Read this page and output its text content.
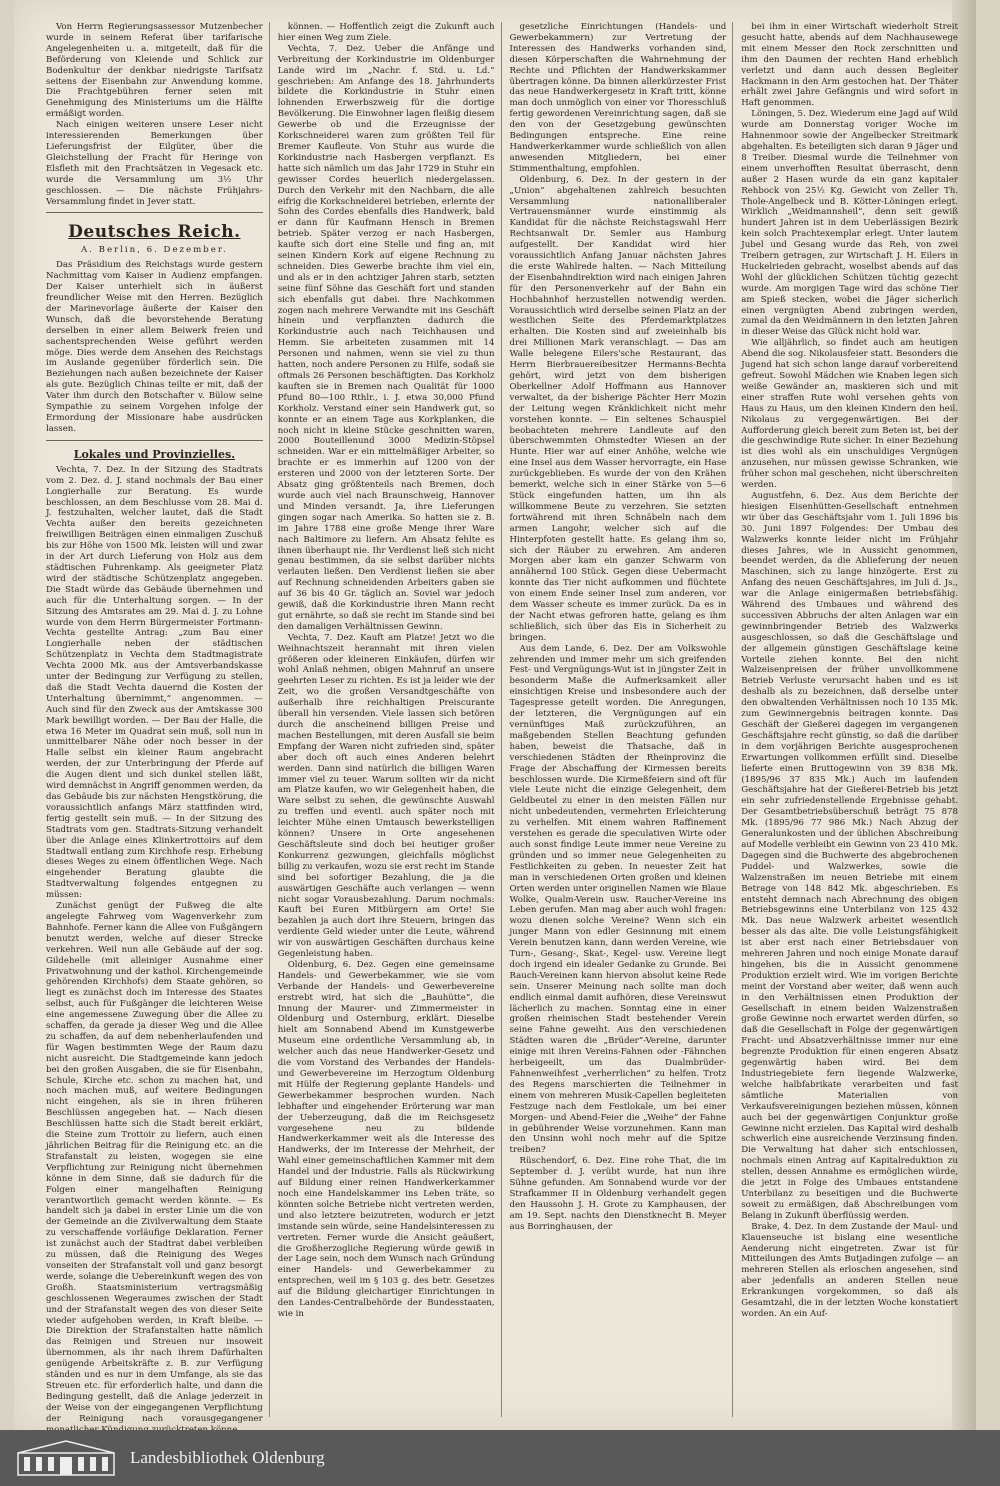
Von Herrn Regierungsassessor Mutzenbecher wurde in seinem Referat über tarifarische Angelegenheiten u. a. mitgeteilt, daß für die Beförderung von Kleiende und Schlick zur Bodenkultur der denkbar niedrigste Tarifsatz seitens der Eisenbahn zur Anwendung komme. Die Frachtgebühren ferner seien mit Genehmigung des Ministeriums um die Hälfte ermäßigt worden.

Nach einigen weiteren unsere Leser nicht interessierenden Bemerkungen über Lieferungsfrist der Eilgüter, über die Gleichstellung der Fracht für Heringe von Elsfleth mit den Frachtsätzen in Vegesack etc. wurde die Versammlung um 3½ Uhr geschlossen. — Die nächste Frühjahrs-Versammlung findet in Jever statt.

Deutsches Reich.
A. Berlin, 6. Dezember.

Das Präsidium des Reichstags wurde gestern Nachmittag vom Kaiser in Audienz empfangen. Der Kaiser unterhielt sich in äußerst freundlicher Weise mit den Herren. Bezüglich der Marinevorlage äußerte der Kaiser den Wunsch, daß die bevorstehende Beratung derselben in einer allem Beiwerk freien und sachentsprechenden Weise geführt werden möge. Dies werde dem Ansehen des Reichstags im Auslande gegenüber förderlich sein. Die Beziehungen nach außen bezeichnete der Kaiser als gute. Bezüglich Chinas teilte er mit, daß der Vater ihm durch den Botschafter v. Bülow seine Sympathie zu seinem Vorgehen infolge der Ermordung der Missionare habe ausdrücken lassen.

Lokales und Provinzielles.

Vechta, 7. Dez. In der Sitzung des Stadtrats vom 2. Dez. d. J. stand nochmals der Bau einer Longierhalle zur Beratung. Es wurde beschlossen, an dem Beschlusse vom 28. Mai d. J. festzuhalten, welcher lautet, daß die Stadt Vechta außer den bereits gezeichneten freiwilligen Beiträgen einen einmaligen Zuschuß bis zur Höhe von 1500 Mk. leisten will und zwar in der Art durch Lieferung von Holz aus dem städtischen Fuhrenkamp. Als geeigneter Platz wird der städtische Schützenplatz angegeben. Die Stadt würde das Gebäude übernehmen und auch für die Unterhaltung sorgen. — In der Sitzung des Amtsrates am 29. Mai d. J. zu Lohne wurde von dem Herrn Bürgermeister Fortmann-Vechta gestellte Antrag: „zum Bau einer Longierhalle neben der städtischen Schützenplatz in Vechta dem Stadtmagistrate Vechta 2000 Mk. aus der Amtsverbandskasse unter der Bedingung zur Verfügung zu stellen, daß die Stadt Vechta dauernd die Kosten der Unterhaltung übernimmt,“ angenommen. — Auch sind für den Zweck aus der Amtskasse 300 Mark bewilligt worden. — Der Bau der Halle, die etwa 16 Meter im Quadrat sein muß, soll nun in unmittelbarer Nähe oder noch besser in der Halle selbst ein kleiner Raum angebracht werden, der zur Unterbringung der Pferde auf die Augen dient und sich dunkel stellen läßt, wird demnächst in Angriff genommen werden, da das Gebäude bis zur nächsten Hengstkörung, die voraussichtlich anfangs März stattfinden wird, fertig gestellt sein muß. — In der Sitzung des Stadtrats vom gen. Stadtrats-Sitzung verhandelt über die Anlage eines Klinkertrottoirs auf dem Stadtwall entlang zum Kirchhofe resp. Erhebung dieses Weges zu einem öffentlichen Wege. Nach eingehender Beratung glaubte die Stadtverwaltung folgendes entgegnen zu müssen:

Zunächst genügt der Fußweg die alte angelegte Fahrweg vom Wagenverkehr zum Bahnhofe. Ferner kann die Allee von Fußgängern benutzt werden, welche auf dieser Strecke verkehren. Weil nun alle Gebäude auf der sog. Gildehelle (mit alleiniger Ausnahme einer Privatwohnung und der kathol. Kirchengemeinde gehörenden Kirchhofs) dem Staate gehören, so liegt es zunächst doch im Interesse des Staates selbst, auch für Fußgänger die leichteren Weise eine angemessene Zuwegung über die Allee zu schaffen, da gerade ja dieser Weg und die Allee zu schaffen, da auf dem nebenherlaufenden und für Wagen bestimmten Wege der Raum dazu nicht ausreicht. Die Stadtgemeinde kann jedoch bei den großen Ausgaben, die sie für Eisenbahn, Schule, Kirche etc. schon zu machen hat, und noch machen muß, auf weitere Bedingungen nicht eingehen, als sie in ihren früheren Beschlüssen angegeben hat. — Nach diesen Beschlüssen hatte sich die Stadt bereit erklärt, die Steine zum Trottoir zu liefern, auch einen jährlichen Beitrag für die Reinigung etc. an die Strafanstalt zu leisten, wogegen sie eine Verpflichtung zur Reinigung nicht übernehmen könne in dem Sinne, daß sie dadurch für die Folgen einer mangelhaften Reinigung verantwortlich gemacht werden könnte. — Es handelt sich ja dabei in erster Linie um die von der Gemeinde an die Zivilverwaltung dem Staate zu verschaffende vorläufige Deklaration. Ferner ist zunächst auch der Stadtrat dabei verbleiben zu müssen, daß die Reinigung des Weges vonseiten der Strafanstalt voll und ganz besorgt werde, solange die Uebereinkunft wegen des von Großh. Staatsministerium vertragsmäßig geschlossenen Wegeraumes zwischen der Stadt und der Strafanstalt wegen des von dieser Seite wieder aufgehoben werden, in Kraft bleibe. — Die Direktion der Strafanstalten hatte nämlich das Reinigen und Streuen nur insoweit übernommen, als ihr nach ihrem Dafürhalten genügende Arbeitskräfte z. B. zur Verfügung ständen und es nur in dem Umfange, als sie das Streuen etc. für erforderlich halte, und dann die Bedingung gestellt, daß die Anlage jederzeit in der Weise von der eingegangenen Verpflichtung der Reinigung nach vorausgegangener

können. — Hoffentlich zeigt die Zukunft auch hier einen Weg zum Ziele.

Vechta, 7. Dez. Ueber die Anfänge und Verbreitung der Korkindustrie im Oldenburger Lande wird im „Nachr. f. Std. u. Ld.“ geschrieben: Am Anfange des 18. Jahrhunderts bildete die Korkindustrie in Stuhr einen lohnenden Erwerbszweig für die dortige Bevölkerung. Die Einwohner lagen fleißig diesem Gewerbe ob und die Erzeugnisse der Korkschneiderei waren zum größten Teil für Bremer Kaufleute. Von Stuhr aus wurde die Korkindustrie nach Hasbergen verpflanzt. Es hatte sich nämlich um das Jahr 1729 in Stuhr ein gewisser Cordes heuerlich niedergelassen. Durch den Verkehr mit den Nachbarn, die alle eifrig die Korkschneiderei betrieben, erlernte der Sohn des Cordes ebenfalls dies Handwerk, bald er dann für Kaufmann Hensch in Bremen betrieb. Später verzog er nach Hasbergen, kaufte sich dort eine Stelle und fing an, mit seinen Kindern Kork auf eigene Rechnung zu schneiden. Dies Gewerbe brachte ihm viel ein, und als er in den achtziger Jahren starb, setzten seine fünf Söhne das Geschäft fort und standen sich ebenfalls gut dabei. Ihre Nachkommen zogen nach mehrere Verwandte mit ins Geschäft hinein und verpflanzten dadurch die Korkindustrie auch nach Teichhausen und Hemm. Sie arbeiteten zusammen mit 14 Personen und nahmen, wenn sie viel zu thun hatten, noch andere Personen zu Hilfe, sodaß sie oftmals 26 Personen beschäftigten. Das Korkholz kauften sie in Bremen nach Qualität für 1000 Pfund 80—100 Rthlr., i. J. etwa 30,000 Pfund Korkholz. Verstand einer sein Handwerk gut, so konnte er an einem Tage aus Korkplanken, die noch nicht in kleine Stücke geschnitten waren, 2000 Bouteillenund 3000 Medizin-Stöpsel schneiden. War er ein mittelmäßiger Arbeiter, so brachte er es immerhin auf 1200 von der ersteren und 2000 von der letzteren Sorte. Der Absatz ging größtenteils nach Bremen, doch wurde auch viel nach Braunschweig, Hannover und Minden versandt. Ja, ihre Lieferungen gingen sogar nach Amerika. So hatten sie z. B. im Jahre 1788 eine große Menge ihrer Ware nach Baltimore zu liefern. Am Absatz fehlte es ihnen überhaupt nie. Ihr Verdienst ließ sich nicht genau bestimmen, da sie selbst darüber nichts verlauten ließen. Den Verdienst ließen sie aber auf Rechnung schneidenden Arbeiters gaben sie auf 36 bis 40 Gr. täglich an. Soviel war jedoch gewiß, daß die Korkindustrie ihren Mann recht gut ernährte, so daß sie recht im Stande sind bei den damaligen Verhältnissen Gewinn.

Vechta, 7. Dez. Kauft am Platze! Jetzt wo die Weihnachtszeit herannaht mit ihren vielen größeren oder kleineren Einkäufen, dürfen wir wohl Anlaß nehmen, obigen Mahnruf an unsere geehrten Leser zu richten. Es ist ja leider wie der Zeit, wo die großen Versandtgeschäfte von außerhalb ihre reichhaltigen Preiscurante überall hin versenden. Viele lassen sich betören durch die anscheinend billigen Preise und machen Bestellungen, mit deren Ausfall sie beim Empfang der Waren nicht zufrieden sind, später aber doch oft auch eines Anderen belehrt werden. Dann sind natürlich die billigen Waren immer viel zu teuer. Warum sollten wir da nicht am Platze kaufen, wo wir Gelegenheit haben, die Ware selbst zu sehen, die gewünschte Auswahl zu treffen und eventl. auch später noch mit leichter Mühe einen Umtausch bewerkstelligen können? Unsere in Orte angesehenen Geschäftsleute sind doch bei heutiger großer Konkurrenz gezwungen, gleichfalls möglichst billig zu verkaufen, wozu sie erst recht im Stande sind bei sofortiger Bezahlung, die ja die auswärtigen Geschäfte auch verlangen — wenn nicht sogar Vorausbezahlung. Darum nochmals: Kauft bei Euren Mitbürgern am Orte! Sie bezahlen ja auch dort ihre Steuern, bringen das verdiente Geld wieder unter die Leute, während wir von auswärtigen Geschäften durchaus keine Gegenleistung haben.

Oldenburg, 6. Dez. Gegen eine gemeinsame Handels- und Gewerbekammer, wie sie vom Verbande der Handels- und Gewerbevereine erstrebt wird, hat sich die „Bauhütte“, die Innung der Maurer- und Zimmermeister in Oldenburg und Osternburg, erklärt. Dieselbe hielt am Sonnabend Abend im Kunstgewerbe Museum eine ordentliche Versammlung ab, in welcher auch das neue Handwerker-Gesetz und die vom Vorstand des Verbandes der Handels- und Gewerbevereine im Herzogtum Oldenburg mit Hülfe der Regierung geplante Handels- und Gewerbekammer besprochen wurden. Nach lebhafter und eingehender Erörterung war man der Ueberzeugung, daß die im Reichsgesetz vorgesehene neu zu bildende Handwerkerkammer weit als die Interesse des Handwerks, der im Interesse der Mehrheit, der Wahl einer gemeinschaftlichen Kammer mit dem Handel und der Industrie. Falls als Rückwirkung auf Bildung einer reinen Handwerkerkammer noch eine Handelskammer ins Leben träte, so könnten solche Betriebe nicht vertreten werden, und also letztere beizutreten, wodurch er jetzt imstande sein würde, seine Handelsinteressen zu vertreten. Ferner wurde die Ansicht geäußert, die Großherzogliche Regierung würde gewiß in der Lage sein, noch dem Wunsch nach Gründung einer Handels- und Gewerbekammer zu entsprechen, weil im § 103 g. des betr. Gesetzes auf die Bildung gleichartiger Einrichtungen in den Landes-Centralbehörde der Bundesstaaten, wie in

gesetzliche Einrichtungen (Handels- und Gewerbekammern) zur Vertretung der Interessen des Handwerks vorhanden sind, diesen Körperschaften die Wahrnehmung der Rechte und Pflichten der Handwerkskammer übertragen könne. Da binnen allerkürzester Frist das neue Handwerkergesetz in Kraft tritt, könne man doch unmöglich von einer vor Thoresschluß fertig gewordenen Vereinrichtung sagen, daß sie den von der Gesetzgebung gewünschten Bedingungen entspreche. Eine reine Handwerkerkammer wurde schließlich von allen anwesenden Mitgliedern, bei einer Stimmenthaltung, empfohlen.

Oldenburg, 6. Dez. In der gestern in der „Union“ abgehaltenen zahlreich besuchten Versammlung nationalliberaler Vertrauensmänner wurde einstimmig als Kandidat für die nächste Reichstagswahl Herr Rechtsanwalt Dr. Semler aus Hamburg aufgestellt. Der Kandidat wird hier voraussichtlich Anfang Januar nächsten Jahres die erste Wahlrede halten. — Nach Mitteilung der Eisenbahndirektion wird nach einigen Jahren für den Personenverkehr auf der Bahn ein Hochbahnhof herzustellen notwendig werden. Voraussichtlich wird derselbe seinen Platz an der westlichen Seite des Pferdemarktplatzes erhalten. Die Kosten sind auf zweieinhalb bis drei Millionen Mark veranschlagt. — Das am Walle belegene Eilers'sche Restaurant, das Herrn Bierbrauereibesitzer Hermanns-Bechta gehört, wird jetzt von dem bisherigen Oberkellner Adolf Hoffmann aus Hannover verwaltet, da der bisherige Pächter Herr Mozin der Leitung wegen Kränklichkeit nicht mehr vorstehen konnte. — Ein seltenes Schauspiel beobachteten mehrere Landleute auf den überschwemmten Ohmstedter Wiesen an der Hunte. Hier war auf einer Anhöhe, welche wie eine Insel aus dem Wasser hervorragte, ein Hase zurückgeblieben. Es wurde der von den Krähen bemerkt, welche sich in einer Stärke von 5—6 Stück eingefunden hatten, um ihn als willkommene Beute zu verzehren. Sie setzten fortwährend mit ihren Schnäbeln nach dem armen Langohr, welcher sich auf die Hinterpfoten gestellt hatte. Es gelang ihm so, sich der Räuber zu erwehren. Am anderen Morgen aber kam ein ganzer Schwarm von annähernd 100 Stück. Gegen diese Uebermacht konnte das Tier nicht aufkommen und flüchtete von einem Ende seiner Insel zum anderen, vor dem Wasser scheute es immer zurück. Da es in der Nacht etwas gefroren hatte, gelang es ihm schließlich, sich über das Eis in Sicherheit zu bringen.

Aus dem Lande, 6. Dez. Der am Volkswohle zehrenden und immer mehr um sich greifenden Fest- und Vergnügungs-Wut ist in jüngster Zeit in besonderm Maße die Aufmerksamkeit aller einsichtigen Kreise und insbesondere auch der Tagespresse geteilt worden. Die Anregungen, der letzteren, die Vergnügungen auf ein vernünftiges Maß zurückzuführen, an maßgebenden Stellen Beachtung gefunden haben, beweist die Thatsache, daß in verschiedenen Städten der Rheinprovinz die Frage der Abschaffung der Kirmessen bereits beschlossen wurde. Die Kirmeßfeiern sind oft für viele Leute nicht die einzige Gelegenheit, dem Geldbeutel zu einer in den meisten Fällen nur nicht unbedeutenden, vermehrten Erleichterung zu verhelfen. Mit einem wahren Raffinement verstehen es gerade die speculativen Wirte oder auch sonst findige Leute immer neue Vereine zu gründen und so immer neue Gelegenheiten zu Festlichkeiten zu geben. In neuester Zeit hat man in verschiedenen Orten großen und kleinen Orten werden unter originellen Namen wie Blaue Wolke, Qualm-Verein usw. Raucher-Vereine ins Leben gerufen. Man mag aber auch wohl fragen: wozu dienen solche Vereine? Wenn sich ein junger Mann von edler Gesinnung mit einem Verein benutzen kann, dann werden Vereine, wie Turn-, Gesang-, Skat-, Kegel- usw. Vereine liegt doch irgend ein idealer Gedanke zu Grunde. Bei Rauch-Vereinen kann hiervon absolut keine Rede sein. Unserer Meinung nach sollte man doch endlich einmal damit aufhören, diese Vereinswut lächerlich zu machen. Sonntag eine in einer großen rheinischen Stadt bestehender Verein seine Fahne geweiht. Aus den verschiedenen Städten waren die „Brüder“-Vereine, darunter einige mit ihren Vereins-Fahnen oder -Fähnchen herbeigeeilt, um das Dualmbrüder-Fahnenweihfest „verherrlichen“ zu helfen. Trotz des Regens marschierten die Teilnehmer in einem von mehreren Musik-Capellen begleiteten Festzuge nach dem Festlokale, um bei einer Morgen- und Abend-Feier die „Weihe“ der Fahne in gebührender Weise vorzunehmen. Kann man den Unsinn wohl noch mehr auf die Spitze treiben?

Rüschendorf, 6. Dez. Eine rohe That, die im September d. J. verübt wurde, hat nun ihre Sühne gefunden. Am Sonnabend wurde vor der Strafkammer II in Oldenburg verhandelt gegen den Haussohn J. H. Grote zu Kamphausen, der am 19. Sept. nachts den Dienstknecht B. Meyer aus Borringhausen, der

bei ihm in einer Wirtschaft wiederholt Streit gesucht hatte, abends auf dem Nachhausewege mit einem Messer den Rock zerschnitten und ihm den Daumen der rechten Hand erheblich verletzt und dann auch dessen Begleiter Hackmann in den Arm gestochen hat. Der Thäter erhält zwei Jahre Gefängnis und wird sofort in Haft genommen.

Löningen, 5. Dez. Wiederum eine Jagd auf Wild wurde am Donnerstag voriger Woche im Hahnenmoor sowie der Angelbecker Streitmark abgehalten. Es beteiligten sich daran 9 Jäger und 8 Treiber. Diesmal wurde die Teilnehmer von einem unverhofften Resultat überrascht, denn außer 2 Hasen wurde da ein ganz kapitaler Rehbock von 25½ Kg. Gewicht von Zeller Th. Thole-Angelbeck und B. Kötter-Löningen erlegt. Wirklich „Weidmannsheil“, denn seit gewiß hundert Jahren ist in dem Ueberlässigen Bezirk kein solch Prachtexemplar erlegt. Unter lautem Jubel und Gesang wurde das Reh, von zwei Treibern getragen, zur Wirtschaft J. H. Eilers in Huckelrieden gebracht, woselbst abends auf das Wohl der glücklichen Schützen tüchtig gezecht wurde. Am morgigen Tage wird das schöne Tier am Spieß stecken, wobei die Jäger sicherlich einen vergnügten Abend zubringen werden, zumal da den Weidmännern in den letzten Jahren in dieser Weise das Glück nicht hold war.

Wie alljährlich, so findet auch am heutigen Abend die sog. Nikolausfeier statt. Besonders die Jugend hat sich schon lange darauf vorbereitend gefreut. Sowohl Mädchen wie Knaben legen sich weiße Gewänder an, maskieren sich und mit einer straffen Rute wohl versehen gehts von Haus zu Haus, um den kleinen Kindern den heil. Nikolaus zu vergegenwärtigen. Bei der Aufforderung gleich bereit zum Beten ist, bei der die geschwindige Rute sicher. In einer Beziehung ist dies wohl als ein unschuldiges Vergnügen anzusehen, nur müssen gewisse Schranken, wie früher schon mal geschehen, nicht überschreiten werden.

Augustfehn, 6. Dez. Aus dem Berichte der hiesigen Eisenhütten-Gesellschaft entnehmen wir über das Geschäftsjahr vom 1. Juli 1896 bis 30. Juni 1897 Folgendes: Der Umbau des Walzwerks konnte leider nicht im Frühjahr dieses Jahres, wie in Aussicht genommen, beendet werden, da die Ablieferung der neuen Maschinen, sich zu lange hinzögerte. Erst zu Anfang des neuen Geschäftsjahres, im Juli d. Js., war die Anlage einigermaßen betriebsfähig. Während des Umbaues und während des successiven Abbruchs der alten Anlagen war ein gewinnbringender Betrieb des Walzwerks ausgeschlossen, so daß die Geschäftslage und der allgemein günstigen Geschäftslage keine Vorteile ziehen konnte. Bei den nicht Walzeisenpreisen der früher unvollkommene Betrieb Verluste verursacht haben und es ist deshalb als zu bezeichnen, daß derselbe unter den obwaltenden Verhältnissen noch 10 135 Mk. zum Gewinnergebnis beitragen konnte. Das Geschäft der Gießerei dagegen im vergangenen Geschäftsjahre recht günstig, so daß die darüber in dem vorjährigen Berichte ausgesprochenen Erwartungen vollkommen erfüllt sind. Dieselbe lieferte einen Bruttogewinn von 39 838 Mk. (1895/96 37 835 Mk.) Auch im laufenden Geschäftsjahre hat der Gießerei-Betrieb bis jetzt ein sehr zufriedenstellende Ergebnisse gehabt. Der Gesamtbetriebsüberschuß beträgt 75 878 Mk. (1895/96 77 986 Mk.) Nach Abzug der Generalunkosten und der üblichen Abschreibung auf Modelle verbleibt ein Gewinn von 23 410 Mk. Dagegen sind die Buchwerte des abgebrochenen Puddel- und Walzwerkes, sowie die Walzenstraßen im neuen Betriebe mit einem Betrage von 148 842 Mk. abgeschrieben. Es entsteht demnach nach Abrechnung des obigen Betriebsgewinns eine Unterbilanz von 125 432 Mk. Das neue Walzwerk arbeitet wesentlich besser als das alte. Die volle Leistungsfähigkeit ist aber erst nach einer Betriebsdauer von mehreren Jahren und noch einige Monate darauf hingehen, bis die in Aussicht genommene Produktion erzielt wird. Wie im vorigen Berichte meint der Vorstand aber weiter, daß wenn auch in den Verhältnissen einen Produktion der Gesellschaft in einem beiden Walzenstraßen große Gewinne noch erwartet werden dürfen, so daß die Gesellschaft in Folge der gegenwärtigen Fracht- und Absatzverhältnisse immer nur eine begrenzte Produktion für einen engeren Absatz gegenwärtig haben wird. Bei dem Industriegebiete fern liegende Walzwerke, welche halbfabrikate verarbeiten und fast sämtliche Materialien von Verkaufsvereinigungen beziehen müssen, können auch bei der gegenwärtigen Conjunktur große Gewinne nicht erzielen. Das Kapital wird deshalb schwerlich eine ausreichende Verzinsung finden. Die Verwaltung hat daher sich entschlossen, nochmals einen Antrag auf Kapitalreduktion zu stellen, dessen Annahme es ermöglichen würde, die jetzt in Folge des Umbaues entstandene Unterbilanz zu beseitigen und die Buchwerte soweit zu ermäßigen, daß Abschreibungen vom Belang in Zukunft überflüssig werden.

Brake, 4. Dez. In dem Zustande der Maul- und Klauenseuche ist bislang eine wesentliche Aenderung nicht eingetreten. Zwar ist für Mitteilungen des Amts Butjadingen zufolge — an mehreren Stellen als erloschen angesehen, sind aber jedenfalls an anderen Stellen neue Erkrankungen vorgekommen, so daß als Gesamtzahl, die in der letzten Woche konstatiert worden. An ein Auf-

Landesbibliothek Oldenburg
